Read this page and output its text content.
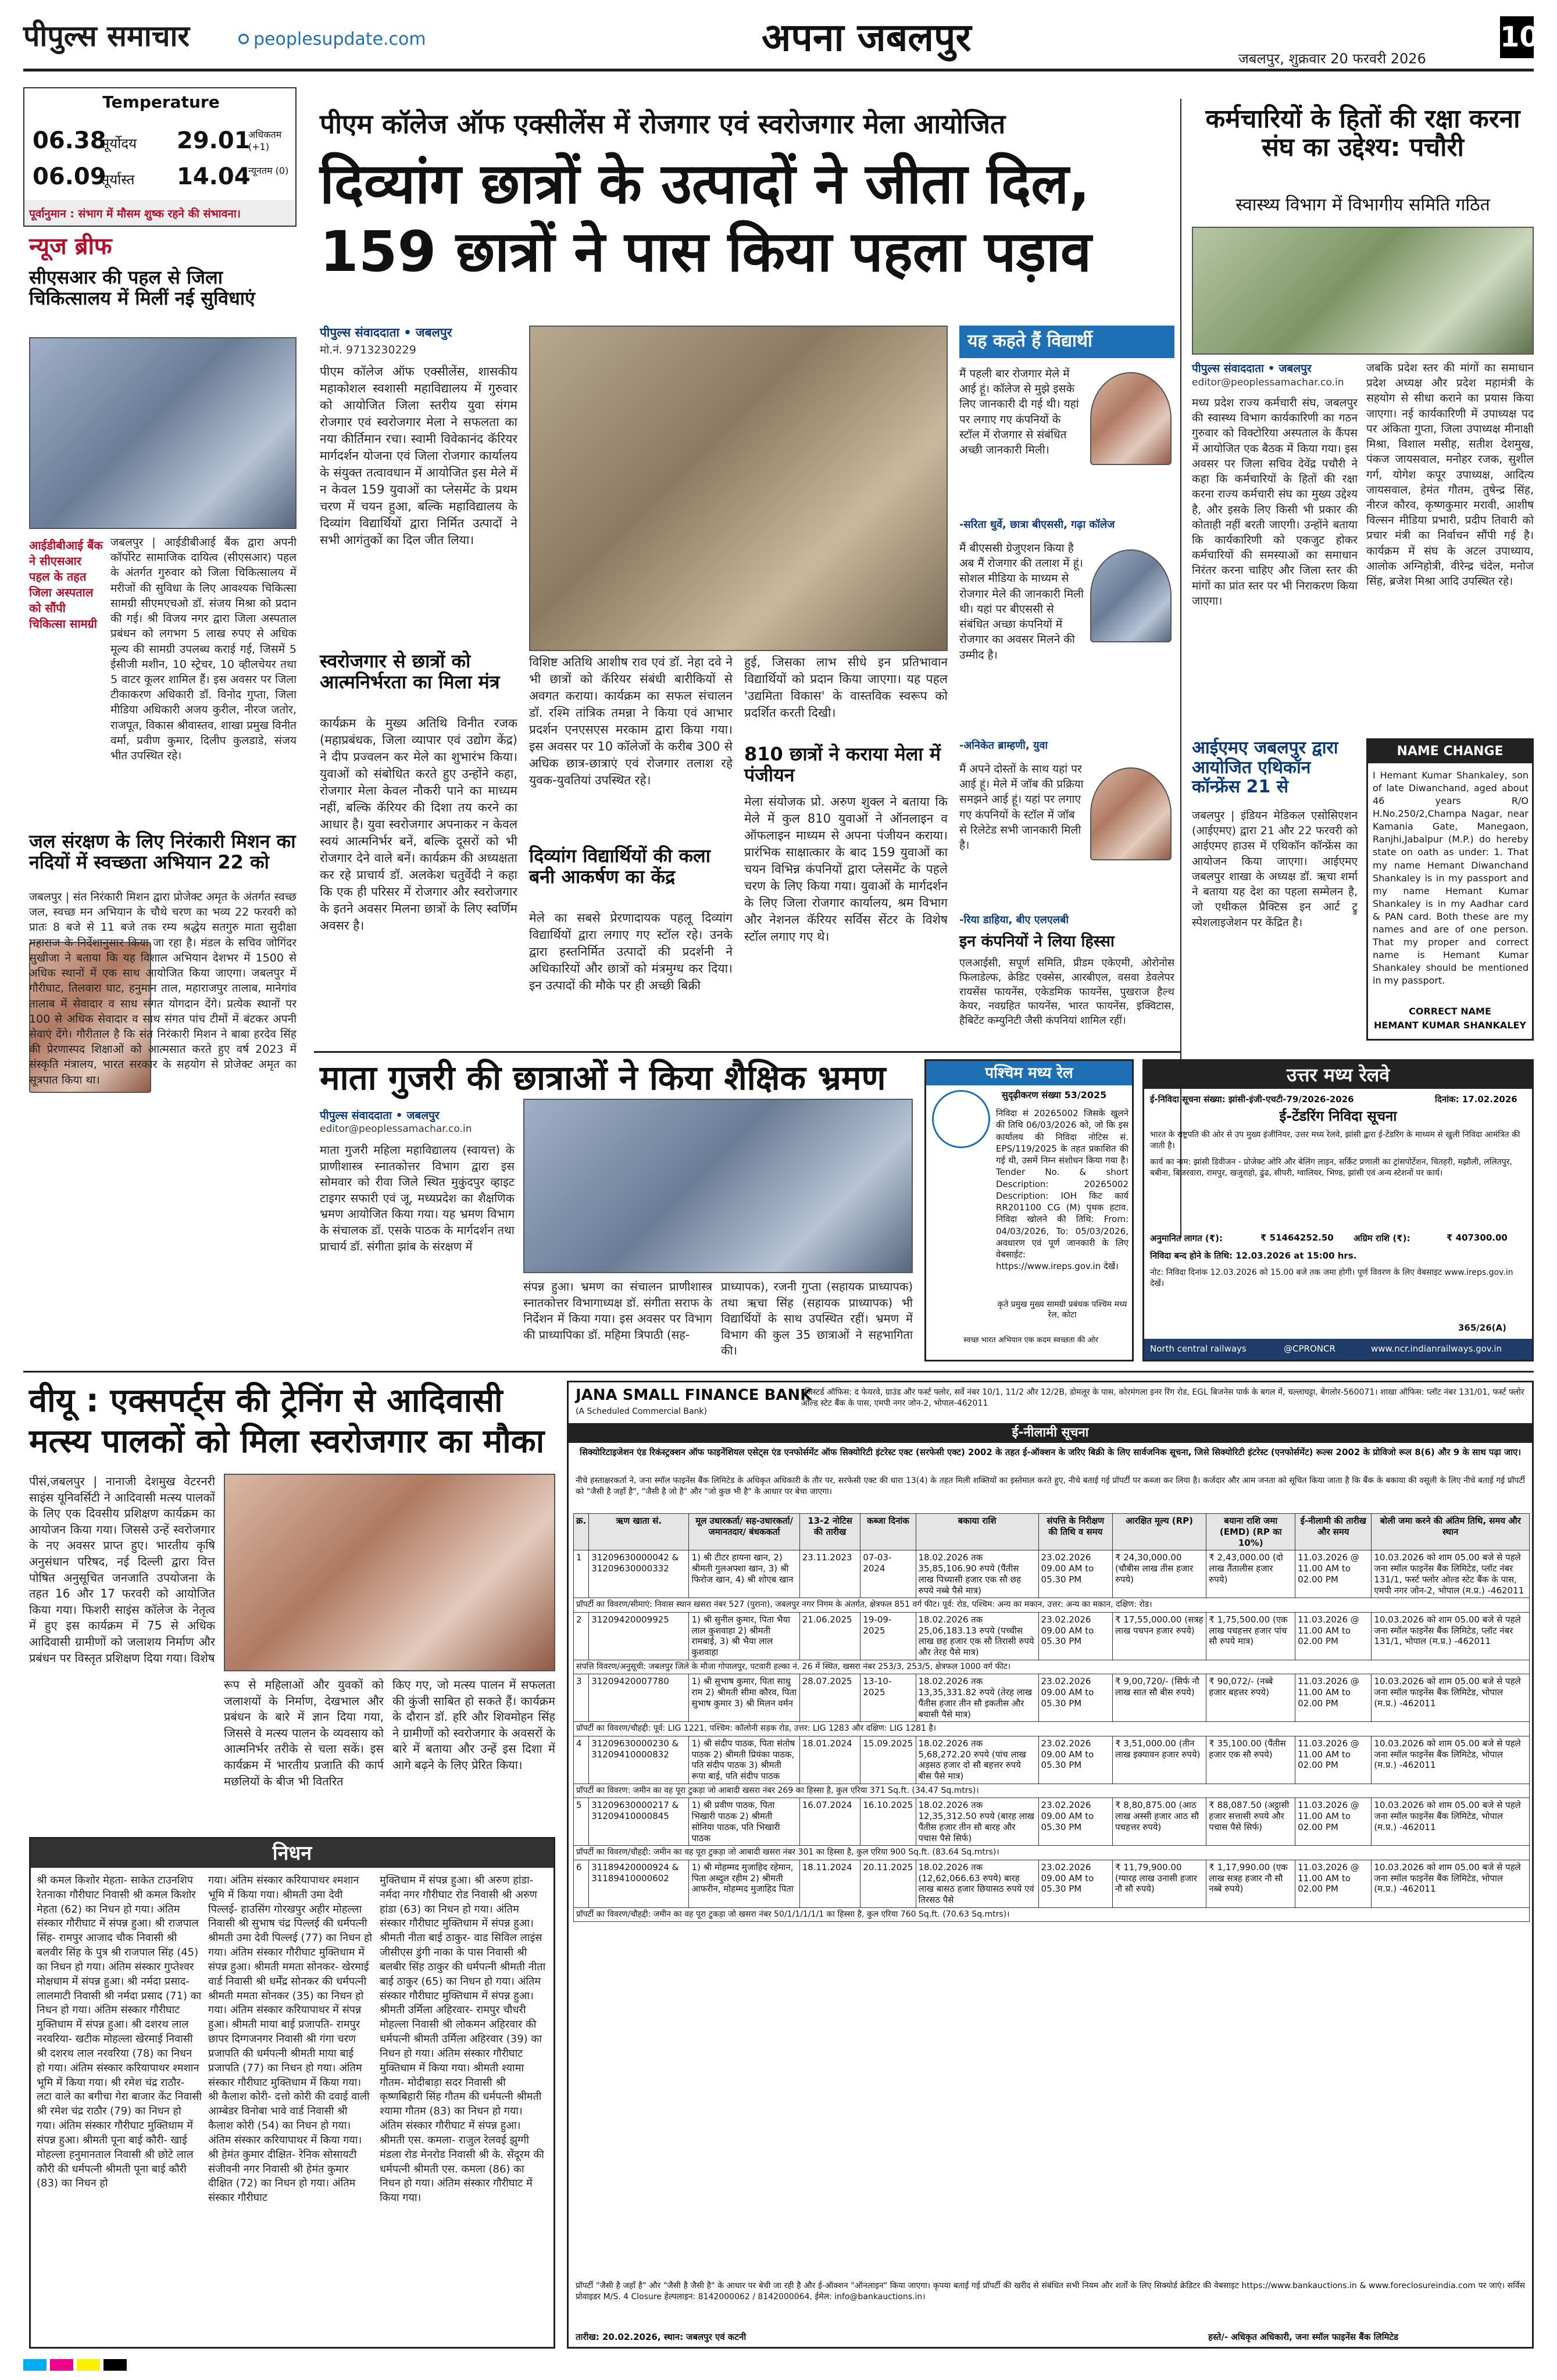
पीपुल्स समाचार	peoplesupdate.com	अपना जबलपुर	जबलपुर, शुक्रवार 20 फरवरी 2026
10
Temperature
06.38
सूर्योदय 29.01
अधिकतम (+1)
06.09
सूर्यास्त 14.04
न्यूनतम (0)
पूर्वानुमान : संभाग में मौसम शुष्क रहने की संभावना।
न्यूज ब्रीफ
सीएसआर की पहल से जिला चिकित्सालय में मिलीं नई सुविधाएं
आईडीबीआई बैंक ने सीएसआर पहल के तहत जिला अस्पताल को सौंपी चिकित्सा सामग्री
जबलपुर | आईडीबीआई बैंक द्वारा अपनी कॉर्पोरेट सामाजिक दायित्व (सीएसआर) पहल के अंतर्गत गुरुवार को जिला चिकित्सालय में मरीजों की सुविधा के लिए आवश्यक चिकित्सा सामग्री सीएमएचओ डॉ. संजय मिश्रा को प्रदान की गई। श्री विजय नगर द्वारा जिला अस्पताल प्रबंधन को लगभग 5 लाख रुपए से अधिक मूल्य की सामग्री उपलब्ध कराई गई, जिसमें 5 ईसीजी मशीन, 10 स्ट्रेचर, 10 व्हीलचेयर तथा 5 वाटर कूलर शामिल हैं। इस अवसर पर जिला टीकाकरण अधिकारी डॉ. विनोद गुप्ता, जिला मीडिया अधिकारी अजय कुरील, नीरज जतोर, राजपूत, विकास श्रीवास्तव, शाखा प्रमुख विनीत वर्मा, प्रवीण कुमार, दिलीप कुलडाडे, संजय भीत उपस्थित रहे।
जल संरक्षण के लिए निरंकारी मिशन का नदियों में स्वच्छता अभियान 22 को
जबलपुर | संत निरंकारी मिशन द्वारा प्रोजेक्ट अमृत के अंतर्गत स्वच्छ जल, स्वच्छ मन अभियान के चौथे चरण का भव्य 22 फरवरी को प्रातः 8 बजे से 11 बजे तक रम्य श्रद्धेय सतगुरु माता सुदीक्षा महाराज के निर्देशानुसार किया जा रहा है। मंडल के सचिव जोगिंदर सुखीजा ने बताया कि यह विशाल अभियान देशभर में 1500 से अधिक स्थानों में एक साथ आयोजित किया जाएगा। जबलपुर में गौरीघाट, तिलवारा घाट, हनुमान ताल, महाराजपुर तालाब, मानेगांव तालाब में सेवादार व साध संगत योगदान देंगे। प्रत्येक स्थानों पर 100 से अधिक सेवादार व साथ संगत पांच टीमों में बंटकर अपनी सेवाएं देंगे। गौरीताल है कि संत निरंकारी मिशन ने बाबा हरदेव सिंह की प्रेरणास्पद शिक्षाओं को आत्मसात करते हुए वर्ष 2023 में संस्कृति मंत्रालय, भारत सरकार के सहयोग से प्रोजेक्ट अमृत का सूत्रपात किया था।
पीएम कॉलेज ऑफ एक्सीलेंस में रोजगार एवं स्वरोजगार मेला आयोजित
दिव्यांग छात्रों के उत्पादों ने जीता दिल, 159 छात्रों ने पास किया पहला पड़ाव
पीपुल्स संवाददाता • जबलपुर
मो.नं. 9713230229
पीएम कॉलेज ऑफ एक्सीलेंस, शासकीय महाकोशल स्वशासी महाविद्यालय में गुरुवार को आयोजित जिला स्तरीय युवा संगम रोजगार एवं स्वरोजगार मेला ने सफलता का नया कीर्तिमान रचा। स्वामी विवेकानंद कॅरियर मार्गदर्शन योजना एवं जिला रोजगार कार्यालय के संयुक्त तत्वावधान में आयोजित इस मेले में न केवल 159 युवाओं का प्लेसमेंट के प्रथम चरण में चयन हुआ, बल्कि महाविद्यालय के दिव्यांग विद्यार्थियों द्वारा निर्मित उत्पादों ने सभी आगंतुकों का दिल जीत लिया।
स्वरोजगार से छात्रों को आत्मनिर्भरता का मिला मंत्र
कार्यक्रम के मुख्य अतिथि विनीत रजक (महाप्रबंधक, जिला व्यापार एवं उद्योग केंद्र) ने दीप प्रज्वलन कर मेले का शुभारंभ किया। युवाओं को संबोधित करते हुए उन्होंने कहा, रोजगार मेला केवल नौकरी पाने का माध्यम नहीं, बल्कि कॅरियर की दिशा तय करने का आधार है। युवा स्वरोजगार अपनाकर न केवल स्वयं आत्मनिर्भर बनें, बल्कि दूसरों को भी रोजगार देने वाले बनें। कार्यक्रम की अध्यक्षता कर रहे प्राचार्य डॉ. अलकेश चतुर्वेदी ने कहा कि एक ही परिसर में रोजगार और स्वरोजगार के इतने अवसर मिलना छात्रों के लिए स्वर्णिम अवसर है।
विशिष्ट अतिथि आशीष राव एवं डॉ. नेहा दवे ने भी छात्रों को कॅरियर संबंधी बारीकियों से अवगत कराया। कार्यक्रम का सफल संचालन डॉ. रश्मि तांत्रिक तमन्ना ने किया एवं आभार प्रदर्शन एनएसएस मरकाम द्वारा किया गया। इस अवसर पर 10 कॉलेजों के करीब 300 से अधिक छात्र-छात्राएं एवं रोजगार तलाश रहे युवक-युवतियां उपस्थित रहे।
दिव्यांग विद्यार्थियों की कला बनी आकर्षण का केंद्र
मेले का सबसे प्रेरणादायक पहलू दिव्यांग विद्यार्थियों द्वारा लगाए गए स्टॉल रहे। उनके द्वारा हस्तनिर्मित उत्पादों की प्रदर्शनी ने अधिकारियों और छात्रों को मंत्रमुग्ध कर दिया। इन उत्पादों की मौके पर ही अच्छी बिक्री
हुई, जिसका लाभ सीधे इन प्रतिभावान विद्यार्थियों को प्रदान किया जाएगा। यह पहल 'उद्यमिता विकास' के वास्तविक स्वरूप को प्रदर्शित करती दिखी।
810 छात्रों ने कराया मेला में पंजीयन
मेला संयोजक प्रो. अरुण शुक्ल ने बताया कि मेले में कुल 810 युवाओं ने ऑनलाइन व ऑफलाइन माध्यम से अपना पंजीयन कराया। प्रारंभिक साक्षात्कार के बाद 159 युवाओं का चयन विभिन्न कंपनियों द्वारा प्लेसमेंट के पहले चरण के लिए किया गया। युवाओं के मार्गदर्शन के लिए जिला रोजगार कार्यालय, श्रम विभाग और नेशनल कॅरियर सर्विस सेंटर के विशेष स्टॉल लगाए गए थे।
यह कहते हैं विद्यार्थी
मैं पहली बार रोजगार मेले में आई हूं। कॉलेज से मुझे इसके लिए जानकारी दी गई थी। यहां पर लगाए गए कंपनियों के स्टॉल में रोजगार से संबंधित अच्छी जानकारी मिली।
-सरिता धुर्वे, छात्रा बीएससी, गढ़ा कॉलेज
मैं बीएससी ग्रेजुएशन किया है अब मैं रोजगार की तलाश में हूं। सोशल मीडिया के माध्यम से रोजगार मेले की जानकारी मिली थी। यहां पर बीएससी से संबंधित अच्छा कंपनियों में रोजगार का अवसर मिलने की उम्मीद है।
-अनिकेत ब्राम्हणी, युवा
मैं अपने दोस्तों के साथ यहां पर आई हूं। मेले में जॉब की प्रक्रिया समझने आई हूं। यहां पर लगाए गए कंपनियों के स्टॉल में जॉब से रिलेटेड सभी जानकारी मिली है।
-रिया डाहिया, बीए एलएलबी
इन कंपनियों ने लिया हिस्सा
एलआईसी, सपूर्ण समिति, प्रीडम एकेएमी, ओरोनोस फिलाडेल्फ, क्रेडिट एक्सेस, आरबीएल, वसवा डेवलेपर रायसेंस फायनेंस, एकेडमिक फायनेंस, पुखराज हैल्थ केयर, नवग्रहित फायनेंस, भारत फायनेंस, इक्विटास, हैबिटेंट कम्युनिटी जैसी कंपनियां शामिल रहीं।
कर्मचारियों के हितों की रक्षा करना संघ का उद्देश्य: पचौरी
स्वास्थ्य विभाग में विभागीय समिति गठित
पीपुल्स संवाददाता • जबलपुर
editor@peoplessamachar.co.in
मध्य प्रदेश राज्य कर्मचारी संघ, जबलपुर की स्वास्थ्य विभाग कार्यकारिणी का गठन गुरुवार को विक्टोरिया अस्पताल के कैंपस में आयोजित एक बैठक में किया गया। इस अवसर पर जिला सचिव देवेंद्र पचौरी ने कहा कि कर्मचारियों के हितों की रक्षा करना राज्य कर्मचारी संघ का मुख्य उद्देश्य है, और इसके लिए किसी भी प्रकार की कोताही नहीं बरती जाएगी। उन्होंने बताया कि कार्यकारिणी को एकजुट होकर कर्मचारियों की समस्याओं का समाधान निरंतर करना चाहिए और जिला स्तर की मांगों का प्रांत स्तर पर भी निराकरण किया जाएगा।
जबकि प्रदेश स्तर की मांगों का समाधान प्रदेश अध्यक्ष और प्रदेश महामंत्री के सहयोग से सीधा कराने का प्रयास किया जाएगा। नई कार्यकारिणी में उपाध्यक्ष पद पर अंकिता गुप्ता, जिला उपाध्यक्ष मीनाक्षी मिश्रा, विशाल मसीह, सतीश देशमुख, पंकज जायसवाल, मनोहर रजक, सुशील गर्ग, योगेश कपूर उपाध्यक्ष, आदित्य जायसवाल, हेमंत गौतम, तुषेन्द्र सिंह, नीरज कौरव, कृष्णकुमार मरावी, आशीष विल्सन मीडिया प्रभारी, प्रदीप तिवारी को प्रचार मंत्री का निर्वाचन सौंपी गई है। कार्यक्रम में संघ के अटल उपाध्याय, आलोक अग्निहोत्री, वीरेन्द्र चंदेल, मनोज सिंह, ब्रजेश मिश्रा आदि उपस्थित रहे।
आईएमए जबलपुर द्वारा आयोजित एथिकॉन कॉन्फ्रेंस 21 से
जबलपुर | इंडियन मेडिकल एसोसिएशन (आईएमए) द्वारा 21 और 22 फरवरी को आईएमए हाउस में एथिकॉन कॉन्फ्रेंस का आयोजन किया जाएगा। आईएमए जबलपुर शाखा के अध्यक्ष डॉ. ऋचा शर्मा ने बताया यह देश का पहला सम्मेलन है, जो एथीकल प्रैक्टिस इन आर्ट ट्रु स्पेशलाइजेशन पर केंद्रित है।
NAME CHANGE
I Hemant Kumar Shankaley, son of late Diwanchand, aged about 46 years R/O H.No.250/2,Champa Nagar, near Kamania Gate, Manegaon, Ranjhi,Jabalpur (M.P.) do hereby state on oath as under: 1. That my name Hemant Diwanchand Shankaley is in my passport and my name Hemant Kumar Shankaley is in my Aadhar card & PAN card. Both these are my names and are of one person. That my proper and correct name is Hemant Kumar Shankaley should be mentioned in my passport.
CORRECT NAME
HEMANT KUMAR SHANKALEY
माता गुजरी की छात्राओं ने किया शैक्षिक भ्रमण
पीपुल्स संवाददाता • जबलपुर
editor@peoplessamachar.co.in
माता गुजरी महिला महाविद्यालय (स्वायत्त) के प्राणीशास्त्र स्नातकोत्तर विभाग द्वारा इस सोमवार को रीवा जिले स्थित मुकुंदपुर व्हाइट टाइगर सफारी एवं जू, मध्यप्रदेश का शैक्षणिक भ्रमण आयोजित किया गया। यह भ्रमण विभाग के संचालक डॉ. एसके पाठक के मार्गदर्शन तथा प्राचार्य डॉ. संगीता झांब के संरक्षण में
संपन्न हुआ। भ्रमण का संचालन प्राणीशास्त्र स्नातकोत्तर विभागाध्यक्ष डॉ. संगीता सराफ के निर्देशन में किया गया। इस अवसर पर विभाग की प्राध्यापिका डॉ. महिमा त्रिपाठी (सह-
प्राध्यापक), रजनी गुप्ता (सहायक प्राध्यापक) तथा ऋचा सिंह (सहायक प्राध्यापक) भी विद्यार्थियों के साथ उपस्थित रहीं। भ्रमण में विभाग की कुल 35 छात्राओं ने सहभागिता की।
पश्चिम मध्य रेल
सुदृढ़ीकरण संख्या 53/2025
निविदा सं 20265002 जिसके खुलने की तिथि 06/03/2026 को, जो कि इस कार्यालय की निविदा नोटिस सं. EPS/119/2025 के तहत प्रकाशित की गई थी, उसमें निम्न संशोधन किया गया है। Tender No. & short Description: 20265002 Description: IOH किट कार्य RR201100 CG (M) पृथक हटाव. निविदा खोलने की तिथि: From: 04/03/2026, To: 05/03/2026, अवधारण एवं पूर्ण जानकारी के लिए वेबसाईट: https://www.ireps.gov.in देखें।
कृते प्रमुख मुख्य सामग्री प्रबंधक पश्चिम मध्य रेल, कोटा
स्वच्छ भारत अभियान एक कदम स्वच्छता की ओर
उत्तर मध्य रेलवे
ई-निविदा सूचना संख्या: झांसी-इंजी-एचटी-79/2026-2026	दिनांक: 17.02.2026
ई-टेंडरिंग निविदा सूचना
भारत के राष्ट्रपति की ओर से उप मुख्य इंजीनियर, उत्तर मध्य रेलवे, झांसी द्वारा ई-टेंडरिंग के माध्यम से खुली निविदा आमंत्रित की जाती है।
कार्य का नाम: झांसी डिवीजन - प्रोजेक्ट ओरि और बेलिंग लाइन, सर्किट प्रणाली का ट्रांसपोर्टेशन, चितहरी, मझौली, ललितपुर, बबीना, बिजरवारा, रामपुर, खजुराहो, ढुंढ, सीपरी, ग्वालियर, भिण्ड, झांसी एवं अन्य स्टेशनों पर कार्य।
अनुमानित लागत (₹):	₹ 51464252.50 अग्रिम राशि (₹):	₹ 407300.00
निविदा बन्द होने के तिथि: 12.03.2026 at 15:00 hrs.
नोट: निविदा दिनांक 12.03.2026 को 15.00 बजे तक जमा होगी। पूर्ण विवरण के लिए वेबसाइट www.ireps.gov.in देखें।
365/26(A)
North central railways	@CPRONCR	www.ncr.indianrailways.gov.in
वीयू : एक्सपर्ट्स की ट्रेनिंग से आदिवासी मत्स्य पालकों को मिला स्वरोजगार का मौका
पीसं,जबलपुर | नानाजी देशमुख वेटरनरी साइंस यूनिवर्सिटी ने आदिवासी मत्स्य पालकों के लिए एक दिवसीय प्रशिक्षण कार्यक्रम का आयोजन किया गया। जिससे उन्हें स्वरोजगार के नए अवसर प्राप्त हुए। भारतीय कृषि अनुसंधान परिषद, नई दिल्ली द्वारा वित्त पोषित अनुसूचित जनजाति उपयोजना के तहत 16 और 17 फरवरी को आयोजित किया गया। फिशरी साइंस कॉलेज के नेतृत्व में हुए इस कार्यक्रम में 75 से अधिक आदिवासी ग्रामीणों को जलाशय निर्माण और प्रबंधन पर विस्तृत प्रशिक्षण दिया गया। विशेष
रूप से महिलाओं और युवकों को जलाशयों के निर्माण, देखभाल और प्रबंधन के बारे में ज्ञान दिया गया, जिससे वे मत्स्य पालन के व्यवसाय को आत्मनिर्भर तरीके से चला सकें। इस कार्यक्रम में भारतीय प्रजाति की कार्प मछलियों के बीज भी वितरित
किए गए, जो मत्स्य पालन में सफलता की कुंजी साबित हो सकते हैं। कार्यक्रम के दौरान डॉ. हरि और शिवमोहन सिंह ने ग्रामीणों को स्वरोजगार के अवसरों के बारे में बताया और उन्हें इस दिशा में आगे बढ़ने के लिए प्रेरित किया।
निधन
श्री कमल किशोर मेहता- साकेत टाउनशिप रेतनाका गौरीघाट निवासी श्री कमल किशोर मेहता (62) का निधन हो गया। अंतिम संस्कार गौरीघाट में संपन्न हुआ। श्री राजपाल सिंह- रामपुर आजाद चौक निवासी श्री बलवीर सिंह के पुत्र श्री राजपाल सिंह (45) का निधन हो गया। अंतिम संस्कार गुप्तेश्वर मोक्षधाम में संपन्न हुआ। श्री नर्मदा प्रसाद- लालमाटी निवासी श्री नर्मदा प्रसाद (71) का निधन हो गया। अंतिम संस्कार गौरीघाट मुक्तिधाम में संपन्न हुआ। श्री दशरथ लाल नरवरिया- खटीक मोहल्ला खेरमाई निवासी श्री दशरथ लाल नरवरिया (78) का निधन हो गया। अंतिम संस्कार करियापाथर श्मशान भूमि में किया गया। श्री रमेश चंद्र राठौर- लटा वाले का बगीचा गेरा बाजार केंट निवासी श्री रमेश चंद्र राठौर (79) का निधन हो गया। अंतिम संस्कार गौरीघाट मुक्तिधाम में संपन्न हुआ। श्रीमती पूना बाई कौरी- खाई मोहल्ला हनुमानताल निवासी श्री छोटे लाल कौरी की धर्मपत्नी श्रीमती पूना बाई कौरी (83) का निधन हो
गया। अंतिम संस्कार करियापाथर श्मशान भूमि में किया गया। श्रीमती उमा देवी पिल्लई- हाउसिंग गोरखपुर अहीर मोहल्ला निवासी श्री सुभाष चंद्र पिल्लई की धर्मपत्नी श्रीमती उमा देवी पिल्लई (77) का निधन हो गया। अंतिम संस्कार गौरीघाट मुक्तिधाम में संपन्न हुआ। श्रीमती ममता सोनकर- खेरमाई वार्ड निवासी श्री धर्मेंद्र सोनकर की धर्मपत्नी श्रीमती ममता सोनकर (35) का निधन हो गया। अंतिम संस्कार करियापाथर में संपन्न हुआ। श्रीमती माया बाई प्रजापति- रामपुर छापर दिग्गजनगर निवासी श्री गंगा चरण प्रजापति की धर्मपत्नी श्रीमती माया बाई प्रजापति (77) का निधन हो गया। अंतिम संस्कार गौरीघाट मुक्तिधाम में किया गया। श्री कैलाश कोरी- दत्तो कोरी की दवाई वाली आम्बेडर विनोबा भावे वार्ड निवासी श्री कैलाश कोरी (54) का निधन हो गया। अंतिम संस्कार करियापाथर में किया गया। श्री हेमंत कुमार दीक्षित- रेनिक सोसायटी संजीवनी नगर निवासी श्री हेमंत कुमार दीक्षित (72) का निधन हो गया। अंतिम संस्कार गौरीघाट
मुक्तिधाम में संपन्न हुआ। श्री अरुण हांडा- नर्मदा नगर गौरीघाट रोड निवासी श्री अरुण हांडा (63) का निधन हो गया। अंतिम संस्कार गौरीघाट मुक्तिधाम में संपन्न हुआ। श्रीमती नीता बाई ठाकुर- वाड सिविल लाइंस जीसीएस डुंगी नाका के पास निवासी श्री बलबीर सिंह ठाकुर की धर्मपत्नी श्रीमती नीता बाई ठाकुर (65) का निधन हो गया। अंतिम संस्कार गौरीघाट मुक्तिधाम में संपन्न हुआ। श्रीमती उर्मिला अहिरवार- रामपुर चौधरी मोहल्ला निवासी श्री लोकमन अहिरवार की धर्मपत्नी श्रीमती उर्मिला अहिरवार (39) का निधन हो गया। अंतिम संस्कार गौरीघाट मुक्तिधाम में किया गया। श्रीमती श्यामा गौतम- मोदीबाड़ा सदर निवासी श्री कृष्णबिहारी सिंह गौतम की धर्मपत्नी श्रीमती श्यामा गौतम (83) का निधन हो गया। अंतिम संस्कार गौरीघाट में संपन्न हुआ। श्रीमती एस. कमला- राजुल रेलवई झुग्गी मंडला रोड मेनरोड निवासी श्री के. सेंदूरम की धर्मपत्नी श्रीमती एस. कमला (86) का निधन हो गया। अंतिम संस्कार गौरीघाट में किया गया।
JANA SMALL FINANCE BANK
(A Scheduled Commercial Bank)
रजिस्टर्ड ऑफिस: द फेयरवे, ग्राउंड और फर्स्ट फ्लोर, सर्वे नंबर 10/1, 11/2 और 12/2B, डोमलूर के पास, कोरमंगला इनर रिंग रोड, EGL बिजनेस पार्क के बगल में, चल्लाघट्टा, बेंगलोर-560071। शाखा ऑफिस: प्लॉट नंबर 131/01, फर्स्ट फ्लोर ओल्ड स्टेट बैंक के पास, एमपी नगर जोन-2, भोपाल-462011
ई-नीलामी सूचना
सिक्योरिटाइजेशन एंड रिकंस्ट्रक्शन ऑफ फाइनेंशियल एसेट्स एंड एनफोर्समेंट ऑफ सिक्योरिटी इंटरेस्ट एक्ट (सरफेसी एक्ट) 2002 के तहत ई-ऑक्शन के जरिए बिक्री के लिए सार्वजनिक सूचना, जिसे सिक्योरिटी इंटरेस्ट (एनफोर्समेंट) रूल्स 2002 के प्रोविजो रूल 8(6) और 9 के साथ पढ़ा जाए।
नीचे हस्ताक्षरकर्ता ने, जना स्मॉल फाइनेंस बैंक लिमिटेड के अधिकृत अधिकारी के तौर पर, सरफेसी एक्ट की धारा 13(4) के तहत मिली शक्तियों का इस्तेमाल करते हुए, नीचे बताई गई प्रॉपर्टी पर कब्जा कर लिया है। कर्जदार और आम जनता को सूचित किया जाता है कि बैंक के बकाया की वसूली के लिए नीचे बताई गई प्रॉपर्टी को "जैसी है जहाँ है", "जैसी है जो है" और "जो कुछ भी है" के आधार पर बेचा जाएगा।
क्र.	ऋण खाता सं.	मूल उधारकर्ता/ सह-उधारकर्ता/ जमानतदार/ बंधककर्ता	13-2 नोटिस की तारीख	कब्जा दिनांक	बकाया राशि	संपत्ति के निरीक्षण की तिथि व समय	आरक्षित मूल्य (RP)	बयाना राशि जमा (EMD) (RP का 10%)	ई-नीलामी की तारीख और समय	बोली जमा करने की अंतिम तिथि, समय और स्थान
1	31209630000042 & 31209630000332	1) श्री टीटर हायना खान, 2) श्रीमती गुलअफ्शा खान, 3) श्री फिरोज खान, 4) श्री शोएब खान	23.11.2023	07-03-2024	18.02.2026 तक 35,85,106.90 रुपये (पैंतीस लाख पिच्यासी हजार एक सौ छह रुपये नब्बे पैसे मात्र)	23.02.2026 09.00 AM to 05.30 PM	₹ 24,30,000.00 (चौबीस लाख तीस हजार रुपये)	₹ 2,43,000.00 (दो लाख तैंतालीस हजार रुपये)	11.03.2026 @ 11.00 AM to 02.00 PM	10.03.2026 को शाम 05.00 बजे से पहले जना स्मॉल फाइनेंस बैंक लिमिटेड, प्लॉट नंबर 131/1, फर्स्ट फ्लोर ओल्ड स्टेट बैंक के पास, एमपी नगर जोन-2, भोपाल (म.प्र.) -462011
प्रॉपर्टी का विवरण/सीमाएं: निवास स्थान खसरा नंबर 527 (पुराना), जबलपुर नगर निगम के अंतर्गत, क्षेत्रफल 851 वर्ग फीट। पूर्व: रोड, पश्चिम: अन्य का मकान, उत्तर: अन्य का मकान, दक्षिण: रोड।										
2	31209420009925	1) श्री सुनील कुमार, पिता भैया लाल कुशवाहा 2) श्रीमती रामबाई, 3) श्री भैया लाल कुशवाहा	21.06.2025	19-09-2025	18.02.2026 तक 25,06,183.13 रुपये (पच्चीस लाख छह हजार एक सौ तिरासी रुपये और तेरह पैसे मात्र)	23.02.2026 09.00 AM to 05.30 PM	₹ 17,55,000.00 (सत्रह लाख पचपन हजार रुपये)	₹ 1,75,500.00 (एक लाख पचहत्तर हजार पांच सौ रुपये मात्र)	11.03.2026 @ 11.00 AM to 02.00 PM	10.03.2026 को शाम 05.00 बजे से पहले जना स्मॉल फाइनेंस बैंक लिमिटेड, प्लॉट नंबर 131/1, भोपाल (म.प्र.) -462011
संपत्ति विवरण/अनुसूची: जबलपुर जिले के मौजा गोपालपुर, पटवारी हल्का नं. 26 में स्थित, खसरा नंबर 253/3, 253/5, क्षेत्रफल 1000 वर्ग फीट।										
3	31209420007780	1) श्री सुभाष कुमार, पिता साधु राम 2) श्रीमती सीमा कौरव, पिता सुभाष कुमार 3) श्री मिलन वर्मन	28.07.2025	13-10-2025	18.02.2026 तक 13,35,331.82 रुपये (तेरह लाख पैंतीस हजार तीन सौ इकतीस और बयासी पैसे मात्र)	23.02.2026 09.00 AM to 05.30 PM	₹ 9,00,720/- (सिर्फ नौ लाख सात सौ बीस रुपये)	₹ 90,072/- (नब्बे हजार बहत्तर रुपये)	11.03.2026 @ 11.00 AM to 02.00 PM	10.03.2026 को शाम 05.00 बजे से पहले जना स्मॉल फाइनेंस बैंक लिमिटेड, भोपाल (म.प्र.) -462011
प्रॉपर्टी का विवरण/चौहद्दी: पूर्व: LIG 1221, पश्चिम: कॉलोनी सड़क रोड, उत्तर: LIG 1283 और दक्षिण: LIG 1281 है।										
4	31209630000230 & 31209410000832	1) श्री संदीप पाठक, पिता संतोष पाठक 2) श्रीमती प्रियंका पाठक, पति संदीप पाठक 3) श्रीमती रूपा बाई, पति संदीप पाठक	18.01.2024	15.09.2025	18.02.2026 तक 5,68,272.20 रुपये (पांच लाख अड़सठ हजार दो सौ बहत्तर रुपये बीस पैसे मात्र)	23.02.2026 09.00 AM to 05.30 PM	₹ 3,51,000.00 (तीन लाख इक्यावन हजार रुपये)	₹ 35,100.00 (पैंतीस हजार एक सौ रुपये)	11.03.2026 @ 11.00 AM to 02.00 PM	10.03.2026 को शाम 05.00 बजे से पहले जना स्मॉल फाइनेंस बैंक लिमिटेड, भोपाल (म.प्र.) -462011
प्रॉपर्टी का विवरण: जमीन का वह पूरा टुकड़ा जो आबादी खसरा नंबर 269 का हिस्सा है, कुल एरिया 371 Sq.ft. (34.47 Sq.mtrs)।										
5	31209630000217 & 31209410000845	1) श्री प्रवीण पाठक, पिता भिखारी पाठक 2) श्रीमती सोनिया पाठक, पति भिखारी पाठक	16.07.2024	16.10.2025	18.02.2026 तक 12,35,312.50 रुपये (बारह लाख पैंतीस हजार तीन सौ बारह और पचास पैसे सिर्फ)	23.02.2026 09.00 AM to 05.30 PM	₹ 8,80,875.00 (आठ लाख अस्सी हजार आठ सौ पचहत्तर रुपये)	₹ 88,087.50 (अट्ठासी हजार सत्तासी रुपये और पचास पैसे सिर्फ)	11.03.2026 @ 11.00 AM to 02.00 PM	10.03.2026 को शाम 05.00 बजे से पहले जना स्मॉल फाइनेंस बैंक लिमिटेड, भोपाल (म.प्र.) -462011
प्रॉपर्टी का विवरण/चौहद्दी: जमीन का वह पूरा टुकड़ा जो आबादी खसरा नंबर 301 का हिस्सा है, कुल एरिया 900 Sq.ft. (83.64 Sq.mtrs)।										
6	31189420000924 & 31189410000602	1) श्री मोहम्मद मुजाहिद रहेमान, पिता अब्दुल रहीम 2) श्रीमती आफरीन, मोहम्मद मुजाहिद पिता	18.11.2024	20.11.2025	18.02.2026 तक (12,62,066.63 रुपये) बारह लाख बासठ हजार छियासठ रुपये एवं तिरसठ पैसे	23.02.2026 09.00 AM to 05.30 PM	₹ 11,79,900.00 (ग्यारह लाख उनासी हजार नौ सौ रुपये)	₹ 1,17,990.00 (एक लाख सत्रह हजार नौ सौ नब्बे रुपये)	11.03.2026 @ 11.00 AM to 02.00 PM	10.03.2026 को शाम 05.00 बजे से पहले जना स्मॉल फाइनेंस बैंक लिमिटेड, भोपाल (म.प्र.) -462011
प्रॉपर्टी का विवरण/चौहद्दी: जमीन का वह पूरा टुकड़ा जो खसरा नंबर 50/1/1/1/1/1 का हिस्सा है, कुल एरिया 760 Sq.ft. (70.63 Sq.mtrs)।										
प्रॉपर्टी "जैसी है जहाँ है" और "जैसी है जैसी है" के आधार पर बेची जा रही है और ई-ऑक्शन "ऑनलाइन" किया जाएगा। कृपया बताई गई प्रॉपर्टी की खरीद से संबंधित सभी नियम और शर्तों के लिए सिक्योर्ड क्रेडिटर की वेबसाइट https://www.bankauctions.in & www.foreclosureindia.com पर जाएं। सर्विस प्रोवाइडर M/S. 4 Closure हेल्पलाइन: 8142000062 / 8142000064, ईमेल: info@bankauctions.in।
तारीख: 20.02.2026, स्थान: जबलपुर एवं कटनी	हस्ते/- अधिकृत अधिकारी, जना स्मॉल फाइनेंस बैंक लिमिटेड
